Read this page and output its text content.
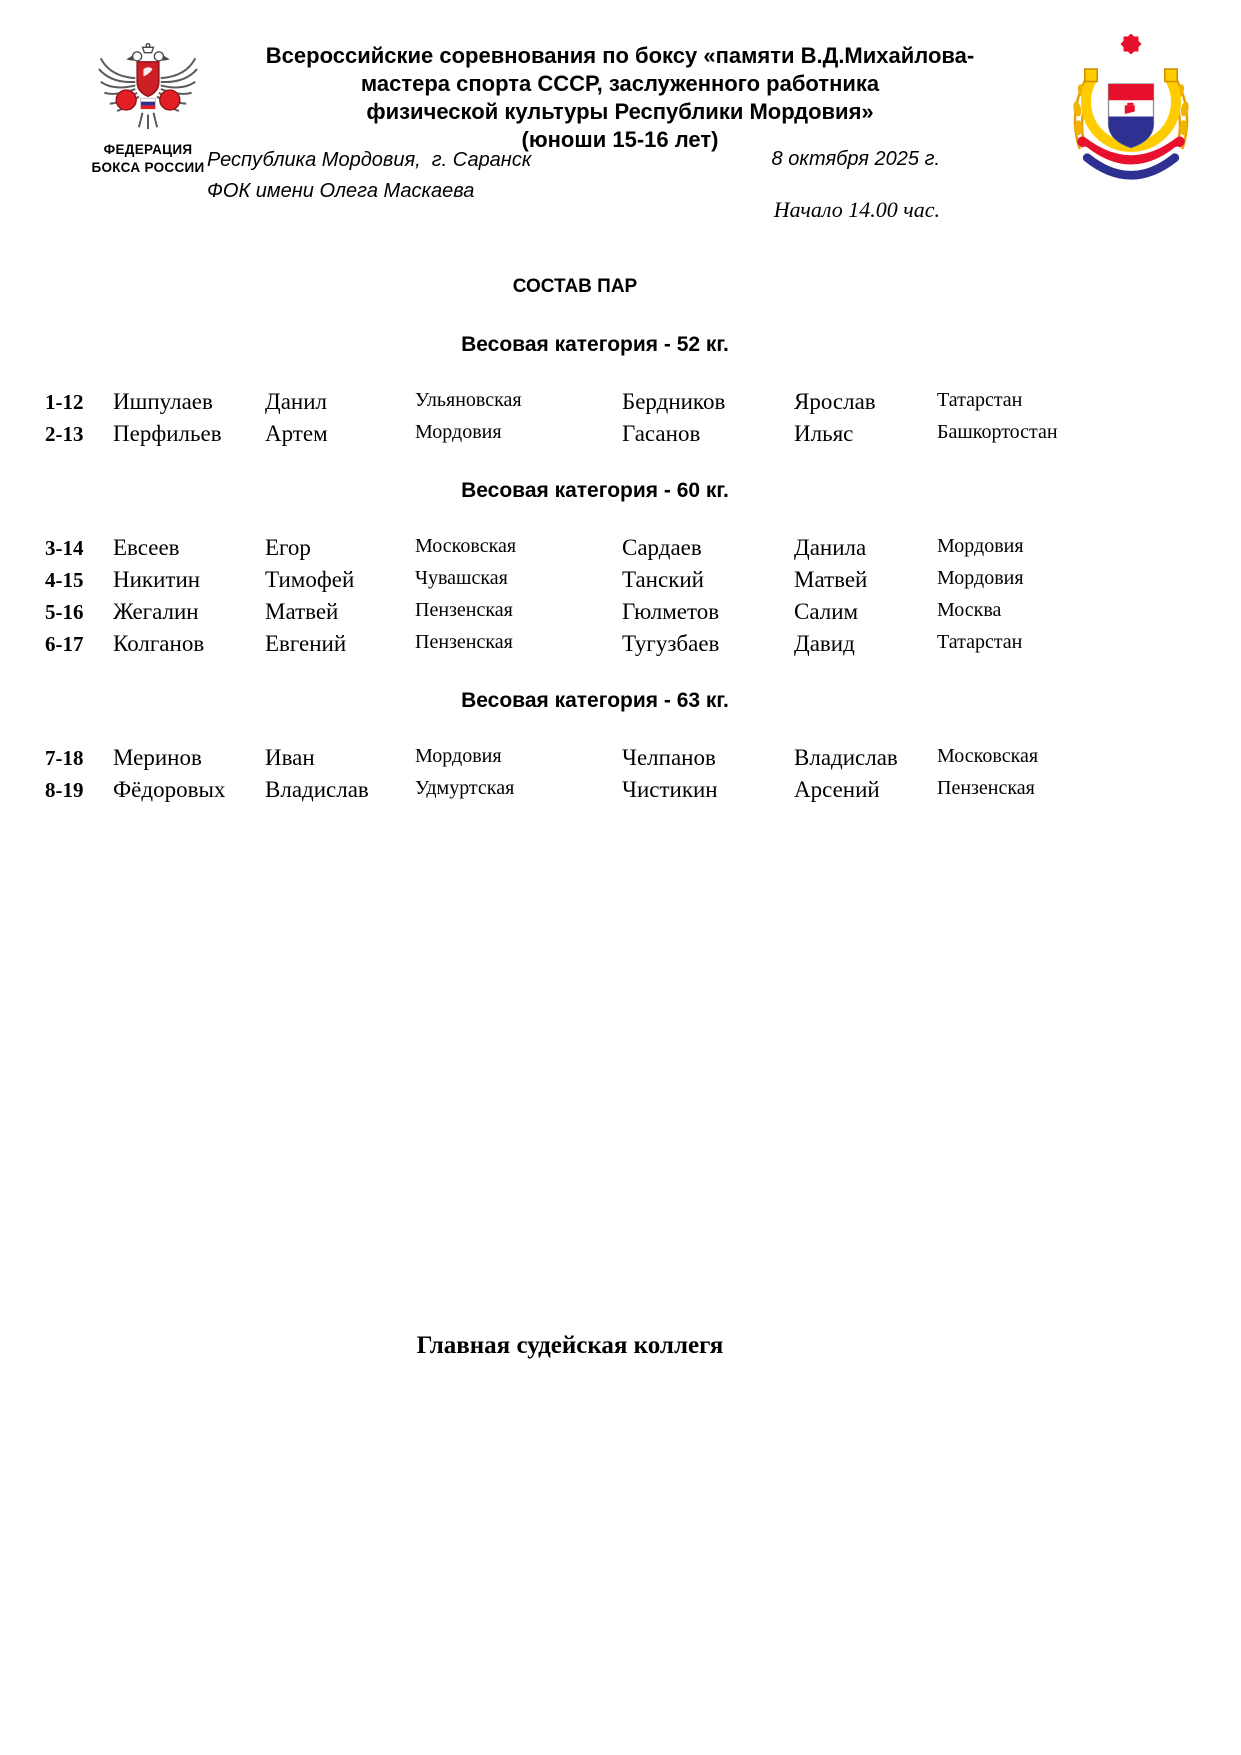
ФЕДЕРАЦИЯ
БОКСА РОССИИ
Всероссийские соревнования по боксу «памяти В.Д.Михайлова-
мастера спорта СССР, заслуженного работника
физической культуры Республики Мордовия»
(юноши 15-16 лет)
Республика Мордовия,  г. Саранск
ФОК имени Олега Маскаева
8 октября 2025 г.
Начало 14.00 час.
СОСТАВ ПАР
Весовая категория - 52 кг.
1-12	Ишпулаев	Данил	Ульяновская	Бердников	Ярослав	Татарстан
2-13	Перфильев	Артем	Мордовия	Гасанов	Ильяс	Башкортостан
Весовая категория - 60 кг.
3-14	Евсеев	Егор	Московская	Сардаев	Данила	Мордовия
4-15	Никитин	Тимофей	Чувашская	Танский	Матвей	Мордовия
5-16	Жегалин	Матвей	Пензенская	Гюлметов	Салим	Москва
6-17	Колганов	Евгений	Пензенская	Тугузбаев	Давид	Татарстан
Весовая категория - 63 кг.
7-18	Меринов	Иван	Мордовия	Челпанов	Владислав	Московская
8-19	Фёдоровых	Владислав	Удмуртская	Чистикин	Арсений	Пензенская
Главная судейская коллегя
